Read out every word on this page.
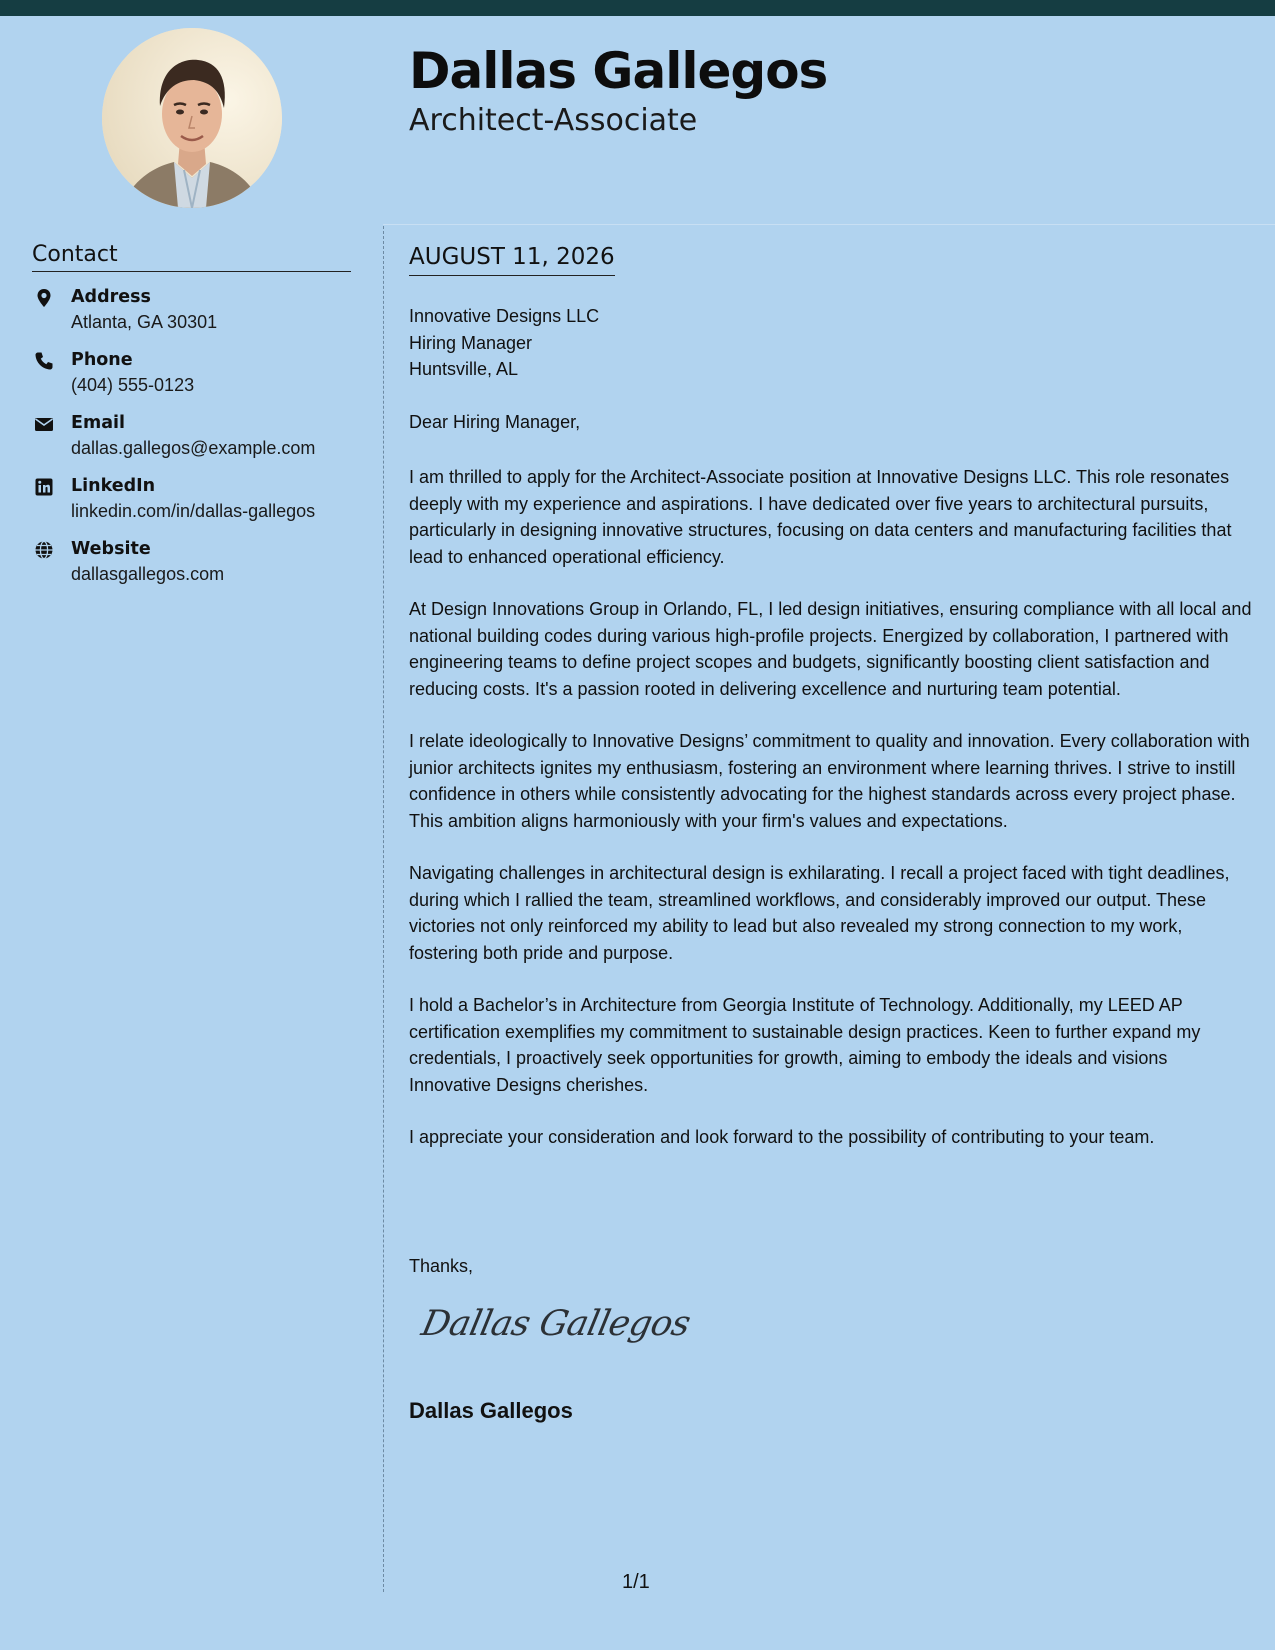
Dallas Gallegos
Architect-Associate
Contact
Address
Atlanta, GA 30301
Phone
(404) 555-0123
Email
dallas.gallegos@example.com
LinkedIn
linkedin.com/in/dallas-gallegos
Website
dallasgallegos.com
AUGUST 11, 2026
Innovative Designs LLC
Hiring Manager
Huntsville, AL
Dear Hiring Manager,

I am thrilled to apply for the Architect-Associate position at Innovative Designs LLC. This role resonates deeply with my experience and aspirations. I have dedicated over five years to architectural pursuits, particularly in designing innovative structures, focusing on data centers and manufacturing facilities that lead to enhanced operational efficiency.

At Design Innovations Group in Orlando, FL, I led design initiatives, ensuring compliance with all local and national building codes during various high-profile projects. Energized by collaboration, I partnered with engineering teams to define project scopes and budgets, significantly boosting client satisfaction and reducing costs. It's a passion rooted in delivering excellence and nurturing team potential.

I relate ideologically to Innovative Designs’ commitment to quality and innovation. Every collaboration with junior architects ignites my enthusiasm, fostering an environment where learning thrives. I strive to instill confidence in others while consistently advocating for the highest standards across every project phase. This ambition aligns harmoniously with your firm's values and expectations.

Navigating challenges in architectural design is exhilarating. I recall a project faced with tight deadlines, during which I rallied the team, streamlined workflows, and considerably improved our output. These victories not only reinforced my ability to lead but also revealed my strong connection to my work, fostering both pride and purpose.

I hold a Bachelor’s in Architecture from Georgia Institute of Technology. Additionally, my LEED AP certification exemplifies my commitment to sustainable design practices. Keen to further expand my credentials, I proactively seek opportunities for growth, aiming to embody the ideals and visions Innovative Designs cherishes.

I appreciate your consideration and look forward to the possibility of contributing to your team.

Thanks,
Dallas Gallegos
Dallas Gallegos
1/1
